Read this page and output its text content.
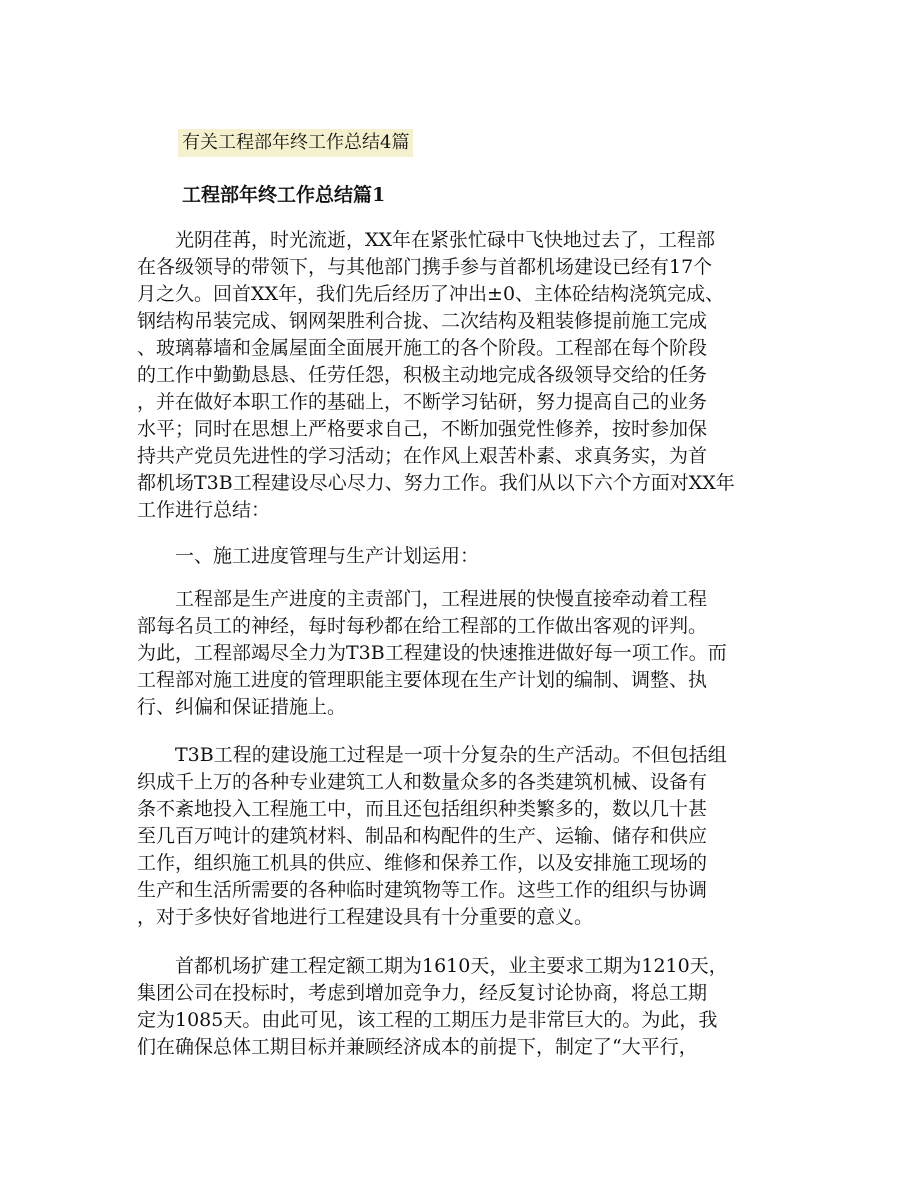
有关工程部年终工作总结4篇
工程部年终工作总结篇1
　　光阴荏苒，时光流逝，XX年在紧张忙碌中飞快地过去了，工程部
在各级领导的带领下，与其他部门携手参与首都机场建设已经有17个
月之久。回首XX年，我们先后经历了冲出±0、主体砼结构浇筑完成、
钢结构吊装完成、钢网架胜利合拢、二次结构及粗装修提前施工完成
、玻璃幕墙和金属屋面全面展开施工的各个阶段。工程部在每个阶段
的工作中勤勤恳恳、任劳任怨，积极主动地完成各级领导交给的任务
，并在做好本职工作的基础上，不断学习钻研，努力提高自己的业务
水平；同时在思想上严格要求自己，不断加强党性修养，按时参加保
持共产党员先进性的学习活动；在作风上艰苦朴素、求真务实，为首
都机场T3B工程建设尽心尽力、努力工作。我们从以下六个方面对XX年
工作进行总结：
　　一、施工进度管理与生产计划运用：
　　工程部是生产进度的主责部门，工程进展的快慢直接牵动着工程
部每名员工的神经，每时每秒都在给工程部的工作做出客观的评判。
为此，工程部竭尽全力为T3B工程建设的快速推进做好每一项工作。而
工程部对施工进度的管理职能主要体现在生产计划的编制、调整、执
行、纠偏和保证措施上。
　　T3B工程的建设施工过程是一项十分复杂的生产活动。不但包括组
织成千上万的各种专业建筑工人和数量众多的各类建筑机械、设备有
条不紊地投入工程施工中，而且还包括组织种类繁多的，数以几十甚
至几百万吨计的建筑材料、制品和构配件的生产、运输、储存和供应
工作，组织施工机具的供应、维修和保养工作，以及安排施工现场的
生产和生活所需要的各种临时建筑物等工作。这些工作的组织与协调
，对于多快好省地进行工程建设具有十分重要的意义。
　　首都机场扩建工程定额工期为1610天，业主要求工期为1210天，
集团公司在投标时，考虑到增加竞争力，经反复讨论协商，将总工期
定为1085天。由此可见，该工程的工期压力是非常巨大的。为此，我
们在确保总体工期目标并兼顾经济成本的前提下，制定了“大平行，
